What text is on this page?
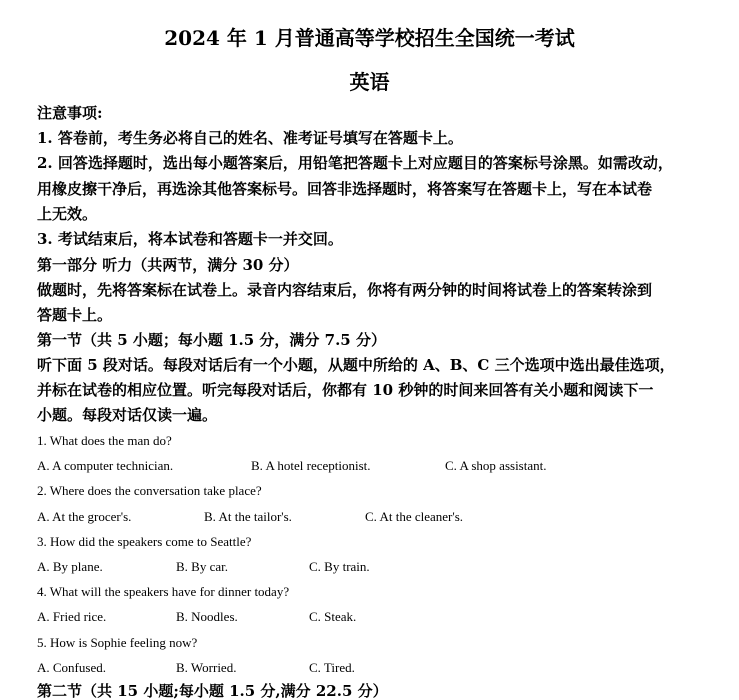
2024 年 1 月普通高等学校招生全国统一考试
英语
注意事项:
1. 答卷前，考生务必将自己的姓名、准考证号填写在答题卡上。
2. 回答选择题时，选出每小题答案后，用铅笔把答题卡上对应题目的答案标号涂黑。如需改动，
用橡皮擦干净后，再选涂其他答案标号。回答非选择题时，将答案写在答题卡上，写在本试卷
上无效。
3. 考试结束后，将本试卷和答题卡一并交回。
第一部分 听力（共两节，满分 30 分）
做题时，先将答案标在试卷上。录音内容结束后，你将有两分钟的时间将试卷上的答案转涂到
答题卡上。
第一节（共 5 小题；每小题 1.5 分，满分 7.5 分）
听下面 5 段对话。每段对话后有一个小题，从题中所给的 A、B、C 三个选项中选出最佳选项，
并标在试卷的相应位置。听完每段对话后，你都有 10 秒钟的时间来回答有关小题和阅读下一
小题。每段对话仅读一遍。
1. What does the man do?
A. A computer technician.	B. A hotel receptionist.	C. A shop assistant.
2. Where does the conversation take place?
A. At the grocer's.	B. At the tailor's.	C. At the cleaner's.
3. How did the speakers come to Seattle?
A. By plane.	B. By car.	C. By train.
4. What will the speakers have for dinner today?
A. Fried rice.	B. Noodles.	C. Steak.
5. How is Sophie feeling now?
A. Confused.	B. Worried.	C. Tired.
第二节（共 15 小题;每小题 1.5 分,满分 22.5 分）
